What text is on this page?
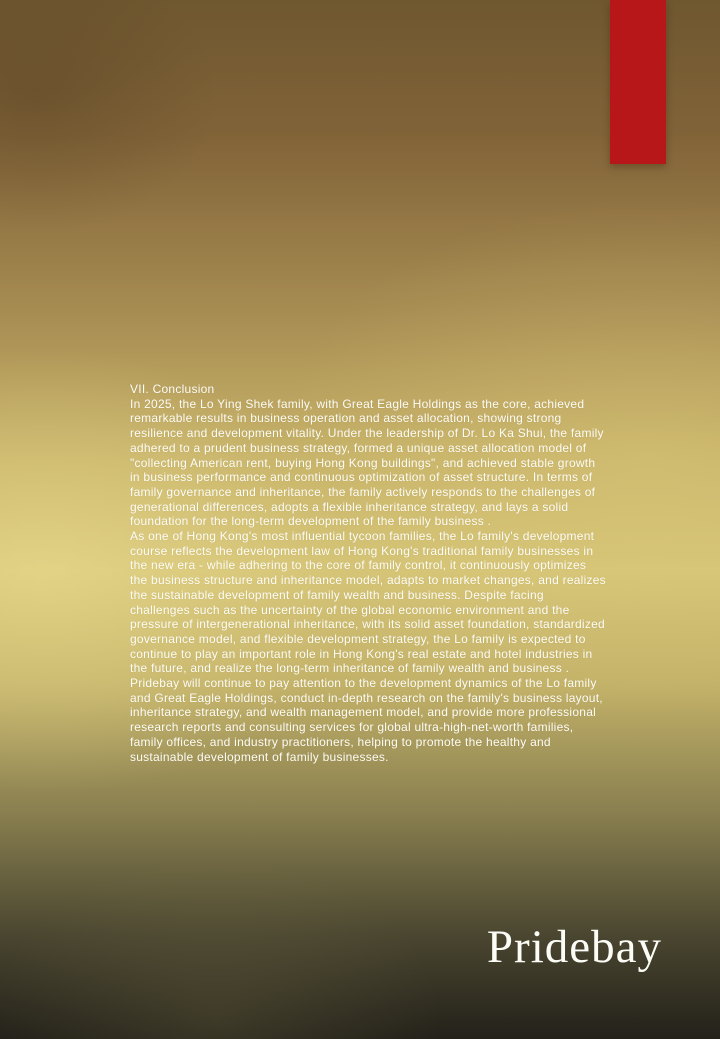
VII. Conclusion

In 2025, the Lo Ying Shek family, with Great Eagle Holdings as the core, achieved remarkable results in business operation and asset allocation, showing strong resilience and development vitality. Under the leadership of Dr. Lo Ka Shui, the family adhered to a prudent business strategy, formed a unique asset allocation model of "collecting American rent, buying Hong Kong buildings", and achieved stable growth in business performance and continuous optimization of asset structure. In terms of family governance and inheritance, the family actively responds to the challenges of generational differences, adopts a flexible inheritance strategy, and lays a solid foundation for the long-term development of the family business .

As one of Hong Kong's most influential tycoon families, the Lo family's development course reflects the development law of Hong Kong's traditional family businesses in the new era - while adhering to the core of family control, it continuously optimizes the business structure and inheritance model, adapts to market changes, and realizes the sustainable development of family wealth and business. Despite facing challenges such as the uncertainty of the global economic environment and the pressure of intergenerational inheritance, with its solid asset foundation, standardized governance model, and flexible development strategy, the Lo family is expected to continue to play an important role in Hong Kong's real estate and hotel industries in the future, and realize the long-term inheritance of family wealth and business .

Pridebay will continue to pay attention to the development dynamics of the Lo family and Great Eagle Holdings, conduct in-depth research on the family's business layout, inheritance strategy, and wealth management model, and provide more professional research reports and consulting services for global ultra-high-net-worth families, family offices, and industry practitioners, helping to promote the healthy and sustainable development of family businesses.

Pridebay
